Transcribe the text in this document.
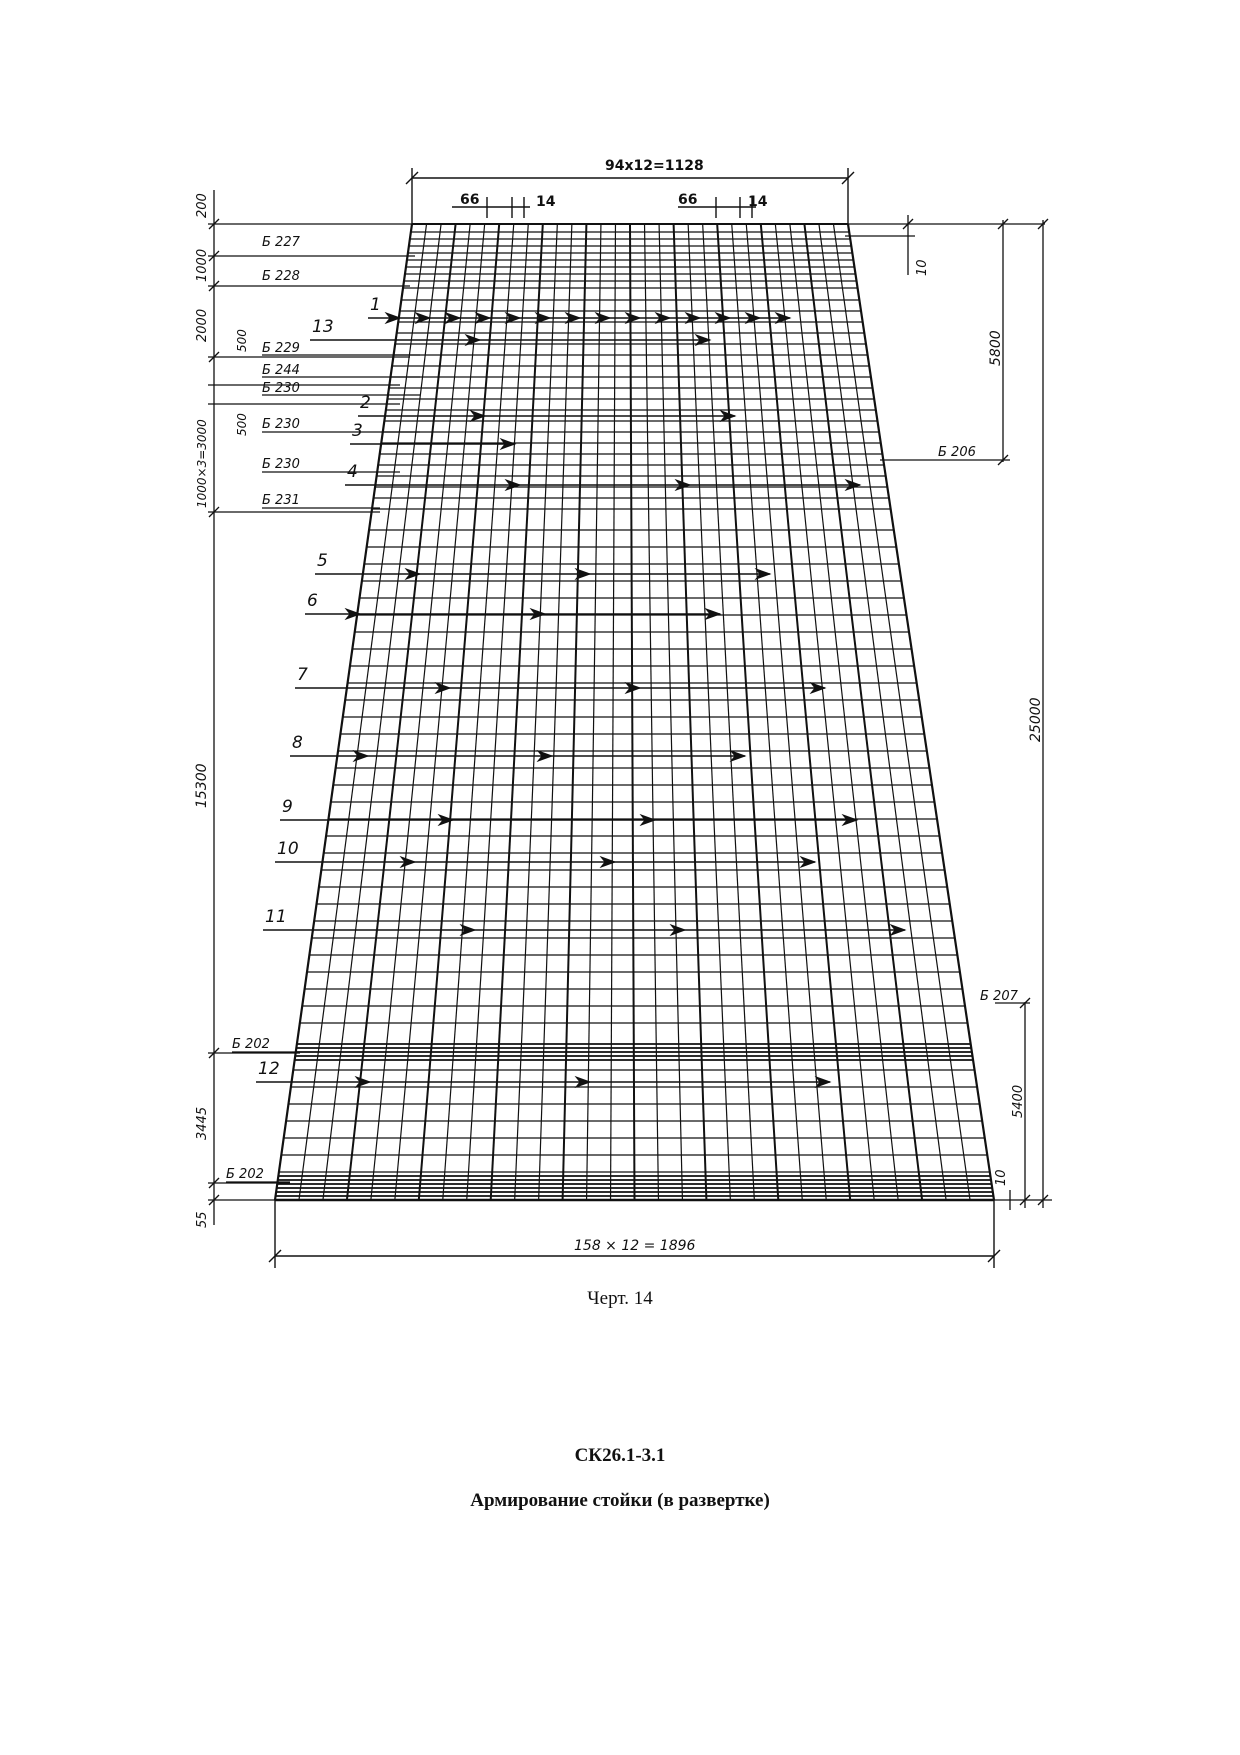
94x12=1128
66	14	66	14
200
1000
2000 500
500
1000×3=3000
15300
3445
55
Б 227
Б 228
Б 229
Б 244
Б 230
Б 230
Б 230
Б 231
Б 202
Б 202
10
5800
25000
5400
10
Б 206
Б 207
158 × 12 = 1896
1
2
3
4
5
6
7
8
9
10
11
12
13
Черт. 14
СК26.1-3.1
Армирование стойки (в развертке)
